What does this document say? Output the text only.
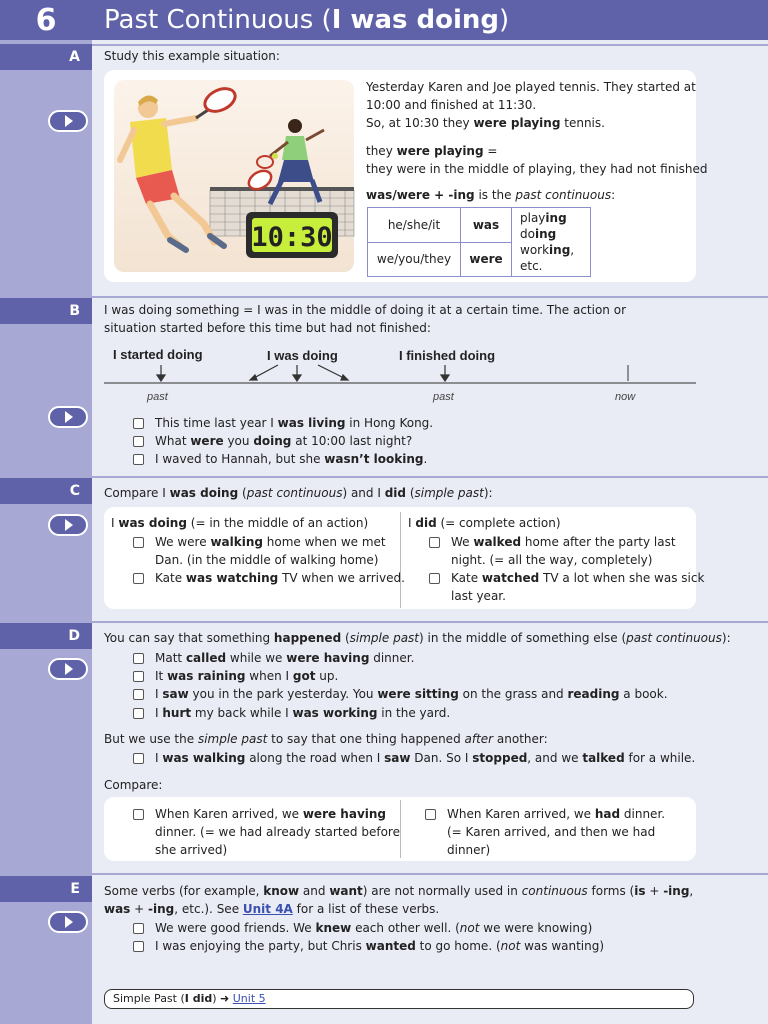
6	Past Continuous (I was doing)
A	Study this example situation:
10:30
Yesterday Karen and Joe played tennis. They started at
10:00 and finished at 11:30.
So, at 10:30 they were playing tennis.
they were playing =
they were in the middle of playing, they had not finished
was/were + -ing is the past continuous:
he/she/it	was	playing
doing
working, etc.

we/you/they	were	
B	I was doing something = I was in the middle of doing it at a certain time. The action or
situation started before this time but had not finished:
I started doing	I was doing	I finished doing
past	past	now
This time last year I was living in Hong Kong.
What were you doing at 10:00 last night?
I waved to Hannah, but she wasn’t looking.
C	Compare I was doing (past continuous) and I did (simple past):
I was doing (= in the middle of an action)
We were walking home when we met
Dan. (in the middle of walking home)
Kate was watching TV when we arrived.
I did (= complete action)
We walked home after the party last
night. (= all the way, completely)
Kate watched TV a lot when she was sick
last year.
D	You can say that something happened (simple past) in the middle of something else (past continuous):
Matt called while we were having dinner.
It was raining when I got up.
I saw you in the park yesterday. You were sitting on the grass and reading a book.
I hurt my back while I was working in the yard.
But we use the simple past to say that one thing happened after another:
I was walking along the road when I saw Dan. So I stopped, and we talked for a while.
Compare:
When Karen arrived, we were having
dinner. (= we had already started before
she arrived)
When Karen arrived, we had dinner.
(= Karen arrived, and then we had
dinner)
E	Some verbs (for example, know and want) are not normally used in continuous forms (is + -ing,
was + -ing, etc.). See Unit 4A for a list of these verbs.
We were good friends. We knew each other well. (not we were knowing)
I was enjoying the party, but Chris wanted to go home. (not was wanting)
Simple Past (I did) ➜ Unit 5
